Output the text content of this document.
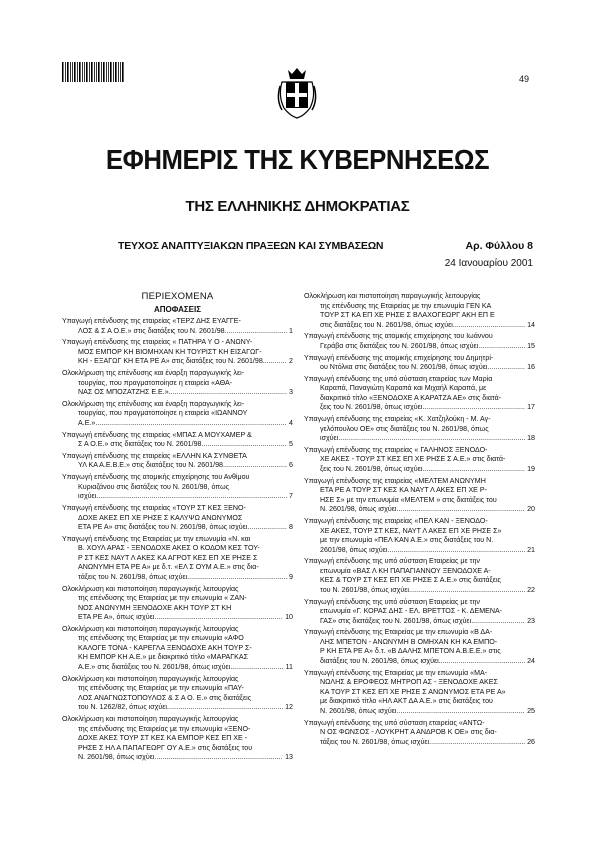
49
ΕΦΗΜΕΡΙΣ ΤΗΣ ΚΥΒΕΡΝΗΣΕΩΣ
ΤΗΣ ΕΛΛΗΝΙΚΗΣ ΔΗΜΟΚΡΑΤΙΑΣ
ΤΕΥΧΟΣ ΑΝΑΠΤΥΞΙΑΚΩΝ ΠΡΑΞΕΩΝ ΚΑΙ ΣΥΜΒΑΣΕΩΝ	Αρ. Φύλλου 8
24 Ιανουαρίου 2001
ΠΕΡΙΕΧΟΜΕΝΑ
ΑΠΟΦΑΣΕΙΣ
Υπαγωγή επένδυσης της εταιρείας «ΤΕΡΖ ΔΗΣ ΕΥΑΓΓΕ-
ΛΟΣ & Σ Α Ο.Ε.» στις διατάξεις του Ν. 2601/98 .....	1
Υπαγωγή επένδυσης της εταιρείας « ΠΑΤΗΡΑ Υ Ο - ΑΝΩΝΥ-
ΜΟΣ ΕΜΠΟΡ ΚΗ ΒΙΟΜΗΧΑΝ ΚΗ ΤΟΥΡΙΣΤ ΚΗ ΕΙΣΑΓΩΓ-
ΚΗ - ΕΞΑΓΩΓ ΚΗ ΕΤΑ ΡΕ Α» στις διατάξεις του Ν. 2601/98 .....	2
Ολοκλήρωση της επένδυσης και έναρξη παραγωγικής λει-
τουργίας, που πραγματοποίησε η εταιρεία «ΑΘΑ-
ΝΑΣ ΟΣ ΜΠΟΖΑΤΖΗΣ Ε.Ε.» .....	3
Ολοκλήρωση της επένδυσης και έναρξη παραγωγικής λει-
τουργίας, που πραγματοποίησε η εταιρεία «ΙΩΑΝΝΟΥ
Α.Ε.» .....	4
Υπαγωγή επένδυσης της εταιρείας «ΜΠΑΣ Α ΜΟΥΧΑΜΕΡ &
Σ Α Ο.Ε.» στις διατάξεις του Ν. 2601/98 .....	5
Υπαγωγή επένδυσης της εταιρείας «ΕΛΛΗΝ ΚΑ ΣΥΝΘΕΤΑ
ΥΛ ΚΑ Α.Ε.Β.Ε.» στις διατάξεις του Ν. 2601/98 .....	6
Υπαγωγή επένδυσης της ατομικής επιχείρησης του Ανθίμου
Κυριαζάνου στις διατάξεις του Ν. 2601/98, όπως
ισχύει .....	7
Υπαγωγή επένδυσης της εταιρείας «ΤΟΥΡ ΣΤ ΚΕΣ ΞΕΝΟ-
ΔΟΧΕ ΑΚΕΣ ΕΠ ΧΕ ΡΗΣΕ Σ ΚΑΛΥΨΩ ΑΝΩΝΥΜΟΣ
ΕΤΑ ΡΕ Α» στις διατάξεις του Ν. 2601/98, όπως ισχύει .....	8
Υπαγωγή επένδυσης της Εταιρείας με την επωνυμία «Ν. και
Β. ΧΟΥΛ ΑΡΑΣ - ΞΕΝΟΔΟΧΕ ΑΚΕΣ Ο ΚΟΔΟΜ ΚΕΣ ΤΟΥ-
Ρ ΣΤ ΚΕΣ ΝΑΥΤ Λ ΑΚΕΣ ΚΑ ΑΓΡΟΤ ΚΕΣ ΕΠ ΧΕ ΡΗΣΕ Σ
ΑΝΩΝΥΜΗ ΕΤΑ ΡΕ Α» με δ.τ. «ΕΛ Σ ΟΥΜ Α.Ε.» στις δια-
τάξεις του Ν. 2601/98, όπως ισχύει .....	9
Ολοκλήρωση και πιστοποίηση παραγωγικής λειτουργίας
της επένδυσης της Εταιρείας με την επωνυμία « ΖΑΝ-
ΝΟΣ ΑΝΩΝΥΜΗ ΞΕΝΟΔΟΧΕ ΑΚΗ ΤΟΥΡ ΣΤ ΚΗ
ΕΤΑ ΡΕ Α», όπως ισχύει .....	10
Ολοκλήρωση και πιστοποίηση παραγωγικής λειτουργίας
της επένδυσης της Εταιρείας με την επωνυμία «ΑΦΟ
ΚΑΛΟΓΕ ΤΟΝΑ - ΚΑΡΕΓΛΑ ΞΕΝΟΔΟΧΕ ΑΚΗ ΤΟΥΡ Σ-
ΚΗ ΕΜΠΟΡ ΚΗ Α.Ε.» με διακριτικό τίτλο «ΜΑΡΑΓΚΑΣ
Α.Ε.» στις διατάξεις του Ν. 2601/98, όπως ισχύει .....	11
Ολοκλήρωση και πιστοποίηση παραγωγικής λειτουργίας
της επένδυσης της Εταιρείας με την επωνυμία «ΠΑΥ-
ΛΟΣ ΑΝΑΓΝΩΣΤΟΠΟΥΛΟΣ & Σ Α Ο. Ε.» στις διατάξεις
του Ν. 1262/82, όπως ισχύει .....	12
Ολοκλήρωση και πιστοποίηση παραγωγικής λειτουργίας
της επένδυσης της Εταιρείας με την επωνυμία «ΞΕΝΟ-
ΔΟΧΕ ΑΚΕΣ ΤΟΥΡ ΣΤ ΚΕΣ ΚΑ ΕΜΠΟΡ ΚΕΣ ΕΠ ΧΕ -
ΡΗΣΕ Σ ΗΛ Α ΠΑΠΑΓΕΩΡΓ ΟΥ Α.Ε.» στις διατάξεις του
Ν. 2601/98, όπως ισχύει .....	13
Ολοκλήρωση και πιστοποίηση παραγωγικής λειτουργίας
της επένδυσης της Εταιρείας με την επωνυμία ΓΕΝ ΚΑ
ΤΟΥΡ ΣΤ ΚΑ ΕΠ ΧΕ ΡΗΣΕ Σ ΒΛΑΧΟΓΕΩΡΓ ΑΚΗ ΕΠ Ε
στις διατάξεις του Ν. 2601/98, όπως ισχύει .....	14
Υπαγωγή επένδυσης της ατομικής επιχείρησης του Ιωάννου
Γεράβα στις διατάξεις του Ν. 2601/98, όπως ισχύει .....	15
Υπαγωγή επένδυσης της ατομικής επιχείρησης του Δημητρί-
ου Ντόλκα στις διατάξεις του Ν. 2601/98, όπως ισχύει .....	16
Υπαγωγή επένδυσης της υπό σύσταση εταιρείας των Μαρία
Καραπά, Παναγιώτη Καραπά και Μιχαήλ Καραπά, με
διακριτικό τίτλο «ΞΕΝΟΔΟΧΕ Α ΚΑΡΑΤΖΑ ΑΕ» στις διατά-
ξεις του Ν. 2601/98, όπως ισχύει .....	17
Υπαγωγή επένδυσης της εταιρείας «Κ. Χατζηλούκη - Μ. Αγ-
γελόπουλου ΟΕ» στις διατάξεις του Ν. 2601/98, όπως
ισχύει .....	18
Υπαγωγή επένδυσης της εταιρείας « ΓΑΛΗΝΟΣ ΞΕΝΟΔΟ-
ΧΕ ΑΚΕΣ - ΤΟΥΡ ΣΤ ΚΕΣ ΕΠ ΧΕ ΡΗΣΕ Σ Α.Ε.» στις διατά-
ξεις του Ν. 2601/98, όπως ισχύει .....	19
Υπαγωγή επένδυσης της εταιρείας «ΜΕΛΤΕΜ ΑΝΩΝΥΜΗ
ΕΤΑ ΡΕ Α ΤΟΥΡ ΣΤ ΚΕΣ ΚΑ ΝΑΥΤ Λ ΑΚΕΣ ΕΠ ΧΕ Ρ-
ΗΣΕ Σ» με την επωνυμία «ΜΕΛΤΕΜ » στις διατάξεις του
Ν. 2601/98, όπως ισχύει .....	20
Υπαγωγή επένδυσης της εταιρείας «ΠΕΛ ΚΑΝ - ΞΕΝΟΔΟ-
ΧΕ ΑΚΕΣ, ΤΟΥΡ ΣΤ ΚΕΣ, ΝΑΥΤ Λ ΑΚΕΣ ΕΠ ΧΕ ΡΗΣΕ Σ»
με την επωνυμία «ΠΕΛ ΚΑΝ Α.Ε.» στις διατάξεις του Ν.
2601/98, όπως ισχύει .....	21
Υπαγωγή επένδυσης της υπό σύσταση Εταιρείας με την
επωνυμία «ΒΑΣ Λ ΚΗ ΠΑΠΑΓΙΑΝΝΟΥ ΞΕΝΟΔΟΧΕ Α-
ΚΕΣ & ΤΟΥΡ ΣΤ ΚΕΣ ΕΠ ΧΕ ΡΗΣΕ Σ Α.Ε.» στις διατάξεις
του Ν. 2601/98, όπως ισχύει .....	22
Υπαγωγή επένδυσης της υπό σύσταση Εταιρείας με την
επωνυμία «Γ. ΚΟΡΑΣ ΔΗΣ - ΕΛ. ΒΡΕΤΤΟΣ - Κ. ΔΕΜΕΝΑ-
ΓΑΣ» στις διατάξεις του Ν. 2601/98, όπως ισχύει .....	23
Υπαγωγή επένδυσης της Εταιρείας με την επωνυμία «Β ΔΑ-
ΛΗΣ ΜΠΕΤΟΝ - ΑΝΩΝΥΜΗ Β ΟΜΗΧΑΝ ΚΗ ΚΑ ΕΜΠΟ-
Ρ ΚΗ ΕΤΑ ΡΕ Α» δ.τ. «Β ΔΑΛΗΣ ΜΠΕΤΟΝ Α.Β.Ε.Ε.» στις
διατάξεις του Ν. 2601/98, όπως ισχύει .....	24
Υπαγωγή επένδυσης της Εταιρείας με την επωνυμία «ΜΑ-
ΝΩΛΗΣ & ΕΡΟΦΕΟΣ ΜΗΤΡΟΠ ΑΣ - ΞΕΝΟΔΟΧΕ ΑΚΕΣ
ΚΑ ΤΟΥΡ ΣΤ ΚΕΣ ΕΠ ΧΕ ΡΗΣΕ Σ ΑΝΩΝΥΜΟΣ ΕΤΑ ΡΕ Α»
με διακριτικό τίτλο «ΗΛ ΑΚΤ ΔΑ Α.Ε.» στις διατάξεις του
Ν. 2601/98, όπως ισχύει .....	25
Υπαγωγή επένδυσης της υπό σύσταση εταιρείας «ΑΝΤΩ-
Ν ΟΣ ΦΩΝΣΟΣ - ΛΟΥΚΡΗΤ Α ΑΝΔΡΟΒ Κ ΟΕ» στις δια-
τάξεις του Ν. 2601/98, όπως ισχύει .....	26
